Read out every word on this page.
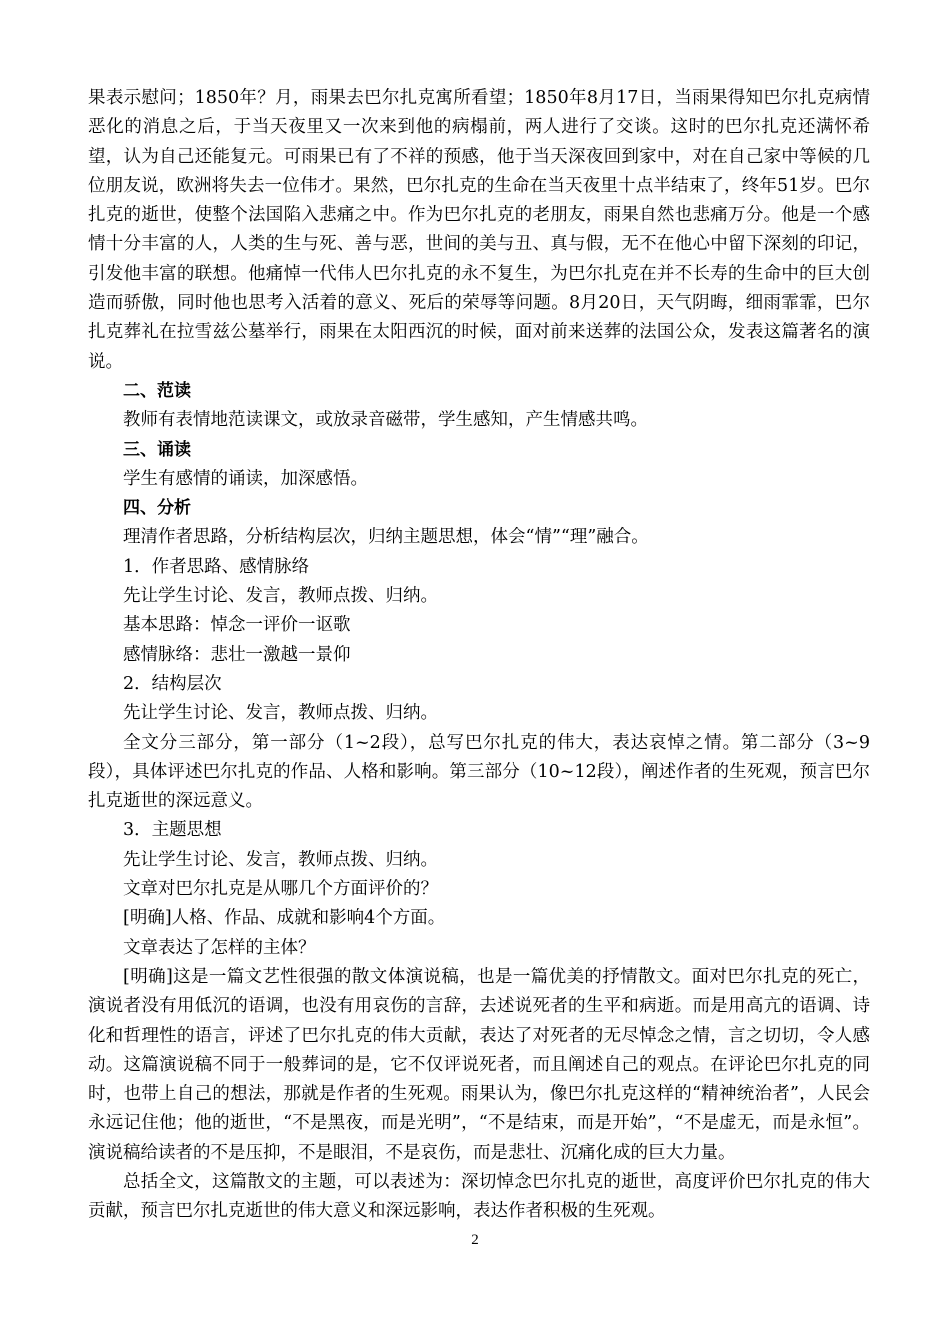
果表示慰问；1850年？月，雨果去巴尔扎克寓所看望；1850年8月17日，当雨果得知巴尔扎克病情恶化的消息之后，于当天夜里又一次来到他的病榻前，两人进行了交谈。这时的巴尔扎克还满怀希望，认为自己还能复元。可雨果已有了不祥的预感，他于当天深夜回到家中，对在自己家中等候的几位朋友说，欧洲将失去一位伟才。果然，巴尔扎克的生命在当天夜里十点半结束了，终年51岁。巴尔扎克的逝世，使整个法国陷入悲痛之中。作为巴尔扎克的老朋友，雨果自然也悲痛万分。他是一个感情十分丰富的人，人类的生与死、善与恶，世间的美与丑、真与假，无不在他心中留下深刻的印记，引发他丰富的联想。他痛悼一代伟人巴尔扎克的永不复生，为巴尔扎克在并不长寿的生命中的巨大创造而骄傲，同时他也思考入活着的意义、死后的荣辱等问题。8月20日，天气阴晦，细雨霏霏，巴尔扎克葬礼在拉雪兹公墓举行，雨果在太阳西沉的时候，面对前来送葬的法国公众，发表这篇著名的演说。

二、范读

教师有表情地范读课文，或放录音磁带，学生感知，产生情感共鸣。

三、诵读

学生有感情的诵读，加深感悟。

四、分析

理清作者思路，分析结构层次，归纳主题思想，体会“情”“理”融合。

1．作者思路、感情脉络

先让学生讨论、发言，教师点拨、归纳。

基本思路：悼念一评价一讴歌

感情脉络：悲壮一激越一景仰

2．结构层次

先让学生讨论、发言，教师点拨、归纳。

全文分三部分，第一部分（1~2段），总写巴尔扎克的伟大，表达哀悼之情。第二部分（3~9段），具体评述巴尔扎克的作品、人格和影响。第三部分（10~12段），阐述作者的生死观，预言巴尔扎克逝世的深远意义。

3．主题思想

先让学生讨论、发言，教师点拨、归纳。

文章对巴尔扎克是从哪几个方面评价的？

[明确]人格、作品、成就和影响4个方面。

文章表达了怎样的主体？

[明确]这是一篇文艺性很强的散文体演说稿，也是一篇优美的抒情散文。面对巴尔扎克的死亡，演说者没有用低沉的语调，也没有用哀伤的言辞，去述说死者的生平和病逝。而是用高亢的语调、诗化和哲理性的语言，评述了巴尔扎克的伟大贡献，表达了对死者的无尽悼念之情，言之切切，令人感动。这篇演说稿不同于一般葬词的是，它不仅评说死者，而且阐述自己的观点。在评论巴尔扎克的同时，也带上自己的想法，那就是作者的生死观。雨果认为，像巴尔扎克这样的“精神统治者”，人民会永远记住他；他的逝世，“不是黑夜，而是光明”，“不是结束，而是开始”，“不是虚无，而是永恒”。演说稿给读者的不是压抑，不是眼泪，不是哀伤，而是悲壮、沉痛化成的巨大力量。

总括全文，这篇散文的主题，可以表述为：深切悼念巴尔扎克的逝世，高度评价巴尔扎克的伟大贡献，预言巴尔扎克逝世的伟大意义和深远影响，表达作者积极的生死观。

2
